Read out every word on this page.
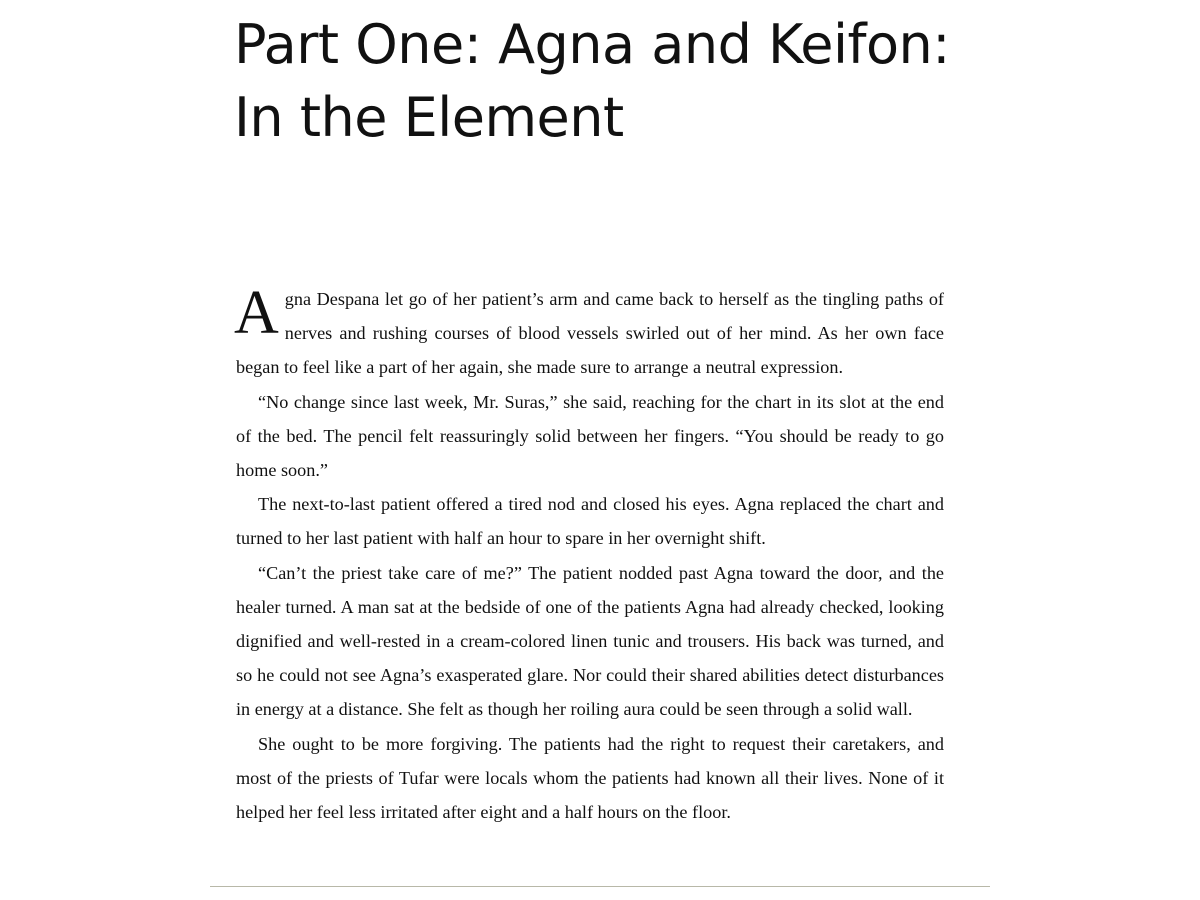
Part One: Agna and Keifon:
In the Element

Agna Despana let go of her patient’s arm and came back to herself as the tingling paths of nerves and rushing courses of blood vessels swirled out of her mind. As her own face began to feel like a part of her again, she made sure to arrange a neutral expression.

“No change since last week, Mr. Suras,” she said, reaching for the chart in its slot at the end of the bed. The pencil felt reassuringly solid between her fingers. “You should be ready to go home soon.”

The next-to-last patient offered a tired nod and closed his eyes. Agna replaced the chart and turned to her last patient with half an hour to spare in her overnight shift.

“Can’t the priest take care of me?” The patient nodded past Agna toward the door, and the healer turned. A man sat at the bedside of one of the patients Agna had already checked, looking dignified and well-rested in a cream-colored linen tunic and trousers. His back was turned, and so he could not see Agna’s exasperated glare. Nor could their shared abilities detect disturbances in energy at a distance. She felt as though her roiling aura could be seen through a solid wall.

She ought to be more forgiving. The patients had the right to request their caretakers, and most of the priests of Tufar were locals whom the patients had known all their lives. None of it helped her feel less irritated after eight and a half hours on the floor.
